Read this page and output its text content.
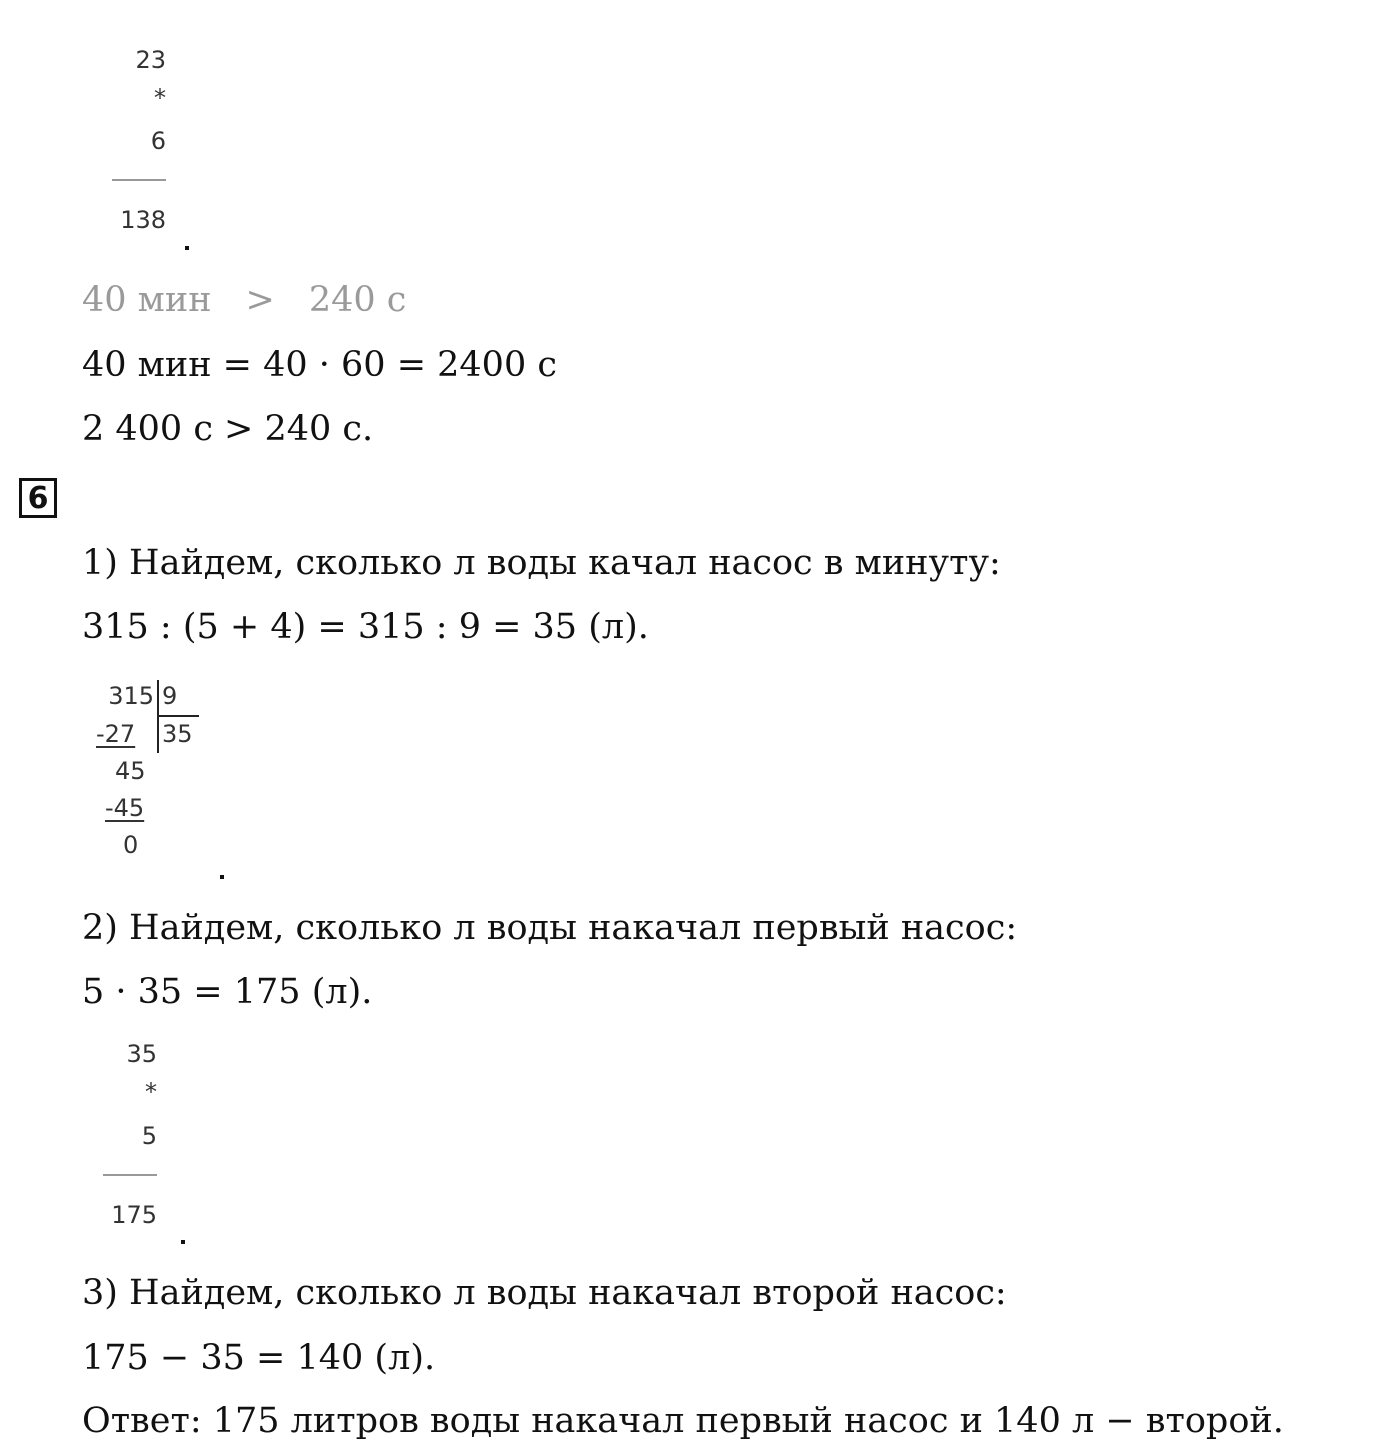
23
*
6
138
40 мин > 240 с
40 мин = 40 · 60 = 2400 с
2 400 с > 240 с.
6
1) Найдем, сколько л воды качал насос в минуту:
315 : (5 + 4) = 315 : 9 = 35 (л).
315 9
-27 35
45
-45
0
2) Найдем, сколько л воды накачал первый насос:
5 · 35 = 175 (л).
35
*
5
175
3) Найдем, сколько л воды накачал второй насос:
175 − 35 = 140 (л).
Ответ: 175 литров воды накачал первый насос и 140 л − второй.
